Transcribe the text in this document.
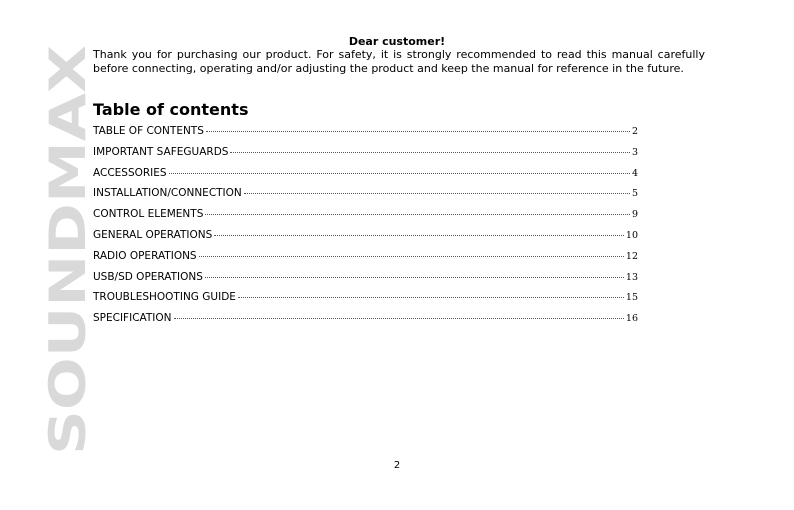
SOUNDMAX
Dear customer!
Thank you for purchasing our product. For safety, it is strongly recommended to read this manual carefully
before connecting, operating and/or adjusting the product and keep the manual for reference in the future.
Table of contents
TABLE OF CONTENTS	2
IMPORTANT SAFEGUARDS	3
ACCESSORIES	4
INSTALLATION/CONNECTION	5
CONTROL ELEMENTS	9
GENERAL OPERATIONS	10
RADIO OPERATIONS	12
USB/SD OPERATIONS	13
TROUBLESHOOTING GUIDE	15
SPECIFICATION	16
2
